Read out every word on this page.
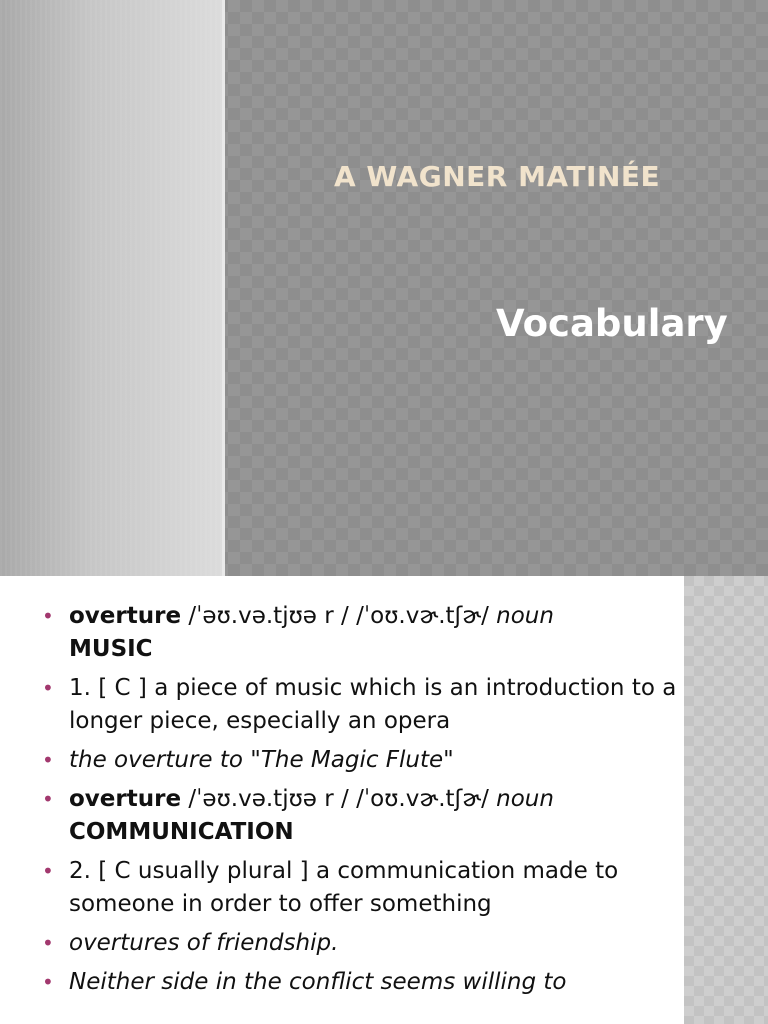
A WAGNER MATINÉE
Vocabulary
• overture /ˈəʊ.və.tjʊə r / /ˈoʊ.vɚ.tʃɚ/ noun
MUSIC
• 1. [ C ] a piece of music which is an introduction to a longer piece, especially an opera
• the overture to "The Magic Flute"
• overture /ˈəʊ.və.tjʊə r / /ˈoʊ.vɚ.tʃɚ/ noun
COMMUNICATION
• 2. [ C usually plural ] a communication made to someone in order to offer something
• overtures of friendship.
• Neither side in the conflict seems willing to
